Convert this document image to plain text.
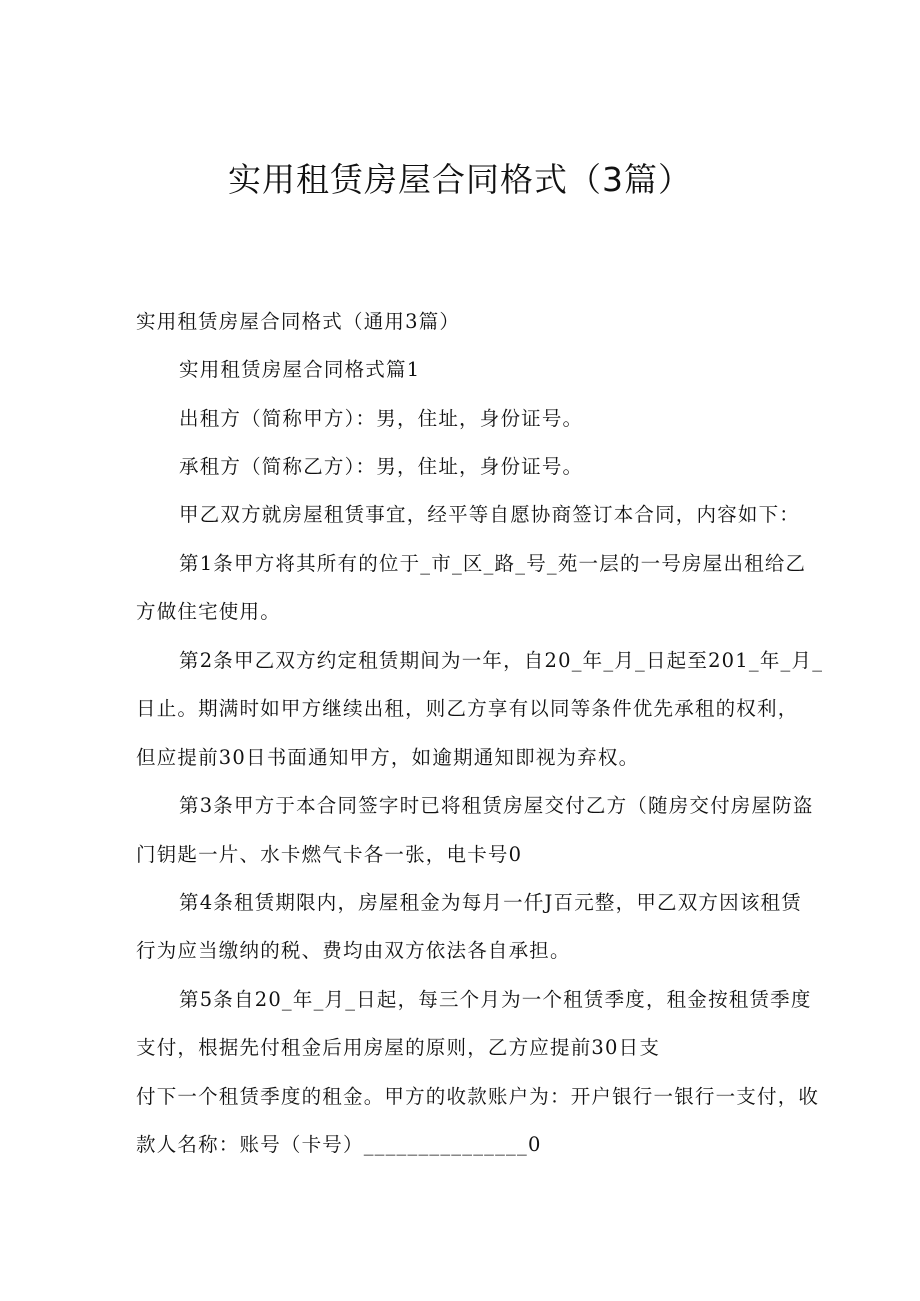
实用租赁房屋合同格式（3篇）

实用租赁房屋合同格式（通用3篇）

实用租赁房屋合同格式篇1

出租方（简称甲方）：男，住址，身份证号。

承租方（简称乙方）：男，住址，身份证号。

甲乙双方就房屋租赁事宜，经平等自愿协商签订本合同，内容如下：

第1条甲方将其所有的位于_市_区_路_号_苑一层的一号房屋出租给乙

方做住宅使用。

第2条甲乙双方约定租赁期间为一年，自20_年_月_日起至201_年_月_

日止。期满时如甲方继续出租，则乙方享有以同等条件优先承租的权利，

但应提前30日书面通知甲方，如逾期通知即视为弃权。

第3条甲方于本合同签字时已将租赁房屋交付乙方（随房交付房屋防盗

门钥匙一片、水卡燃气卡各一张，电卡号0

第4条租赁期限内，房屋租金为每月一仟J百元整，甲乙双方因该租赁

行为应当缴纳的税、费均由双方依法各自承担。

第5条自20_年_月_日起，每三个月为一个租赁季度，租金按租赁季度

支付，根据先付租金后用房屋的原则，乙方应提前30日支

付下一个租赁季度的租金。甲方的收款账户为：开户银行一银行一支付，收

款人名称：账号（卡号）_______________0
